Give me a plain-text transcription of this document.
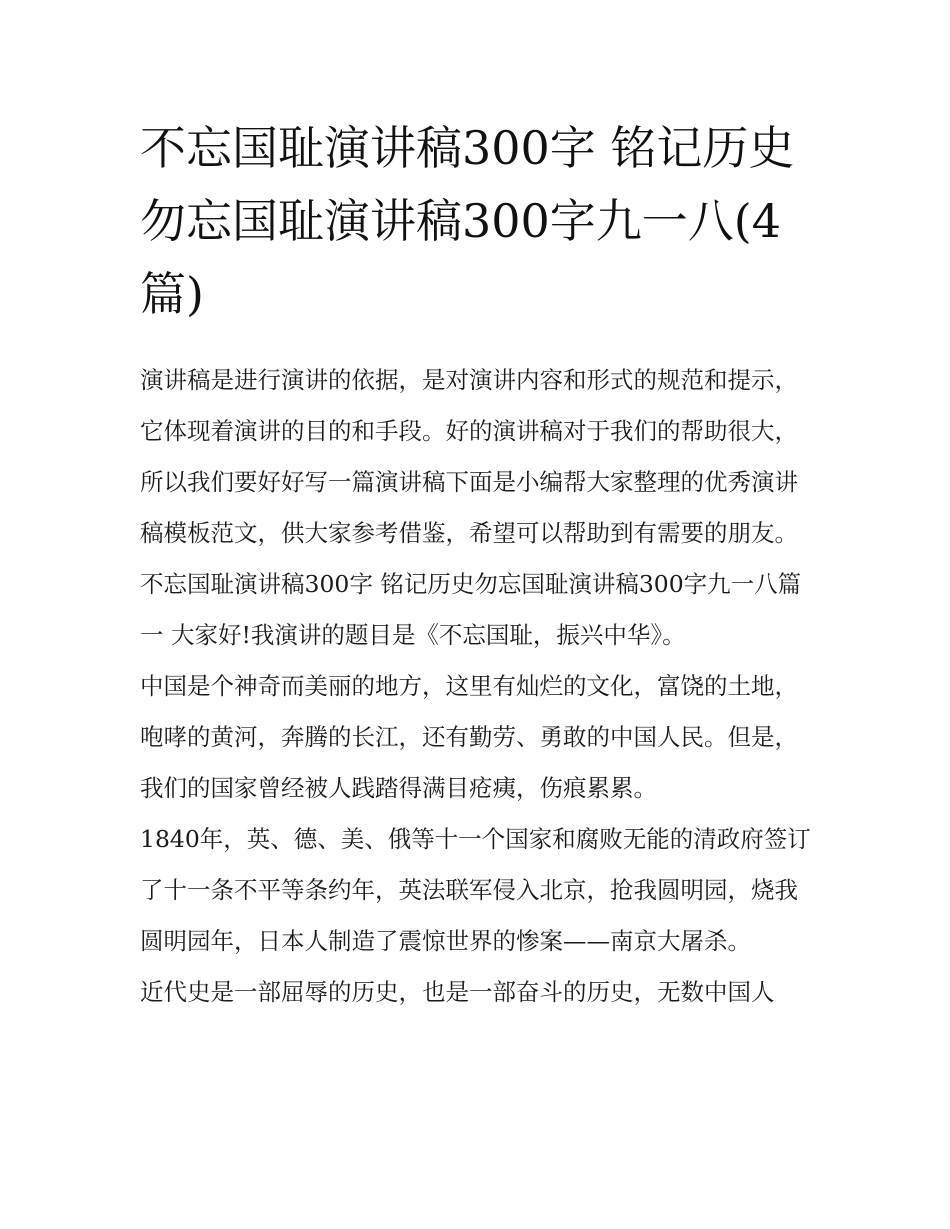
不忘国耻演讲稿300字 铭记历史勿忘国耻演讲稿300字九一八(4篇)

演讲稿是进行演讲的依据，是对演讲内容和形式的规范和提示，它体现着演讲的目的和手段。好的演讲稿对于我们的帮助很大，所以我们要好好写一篇演讲稿下面是小编帮大家整理的优秀演讲稿模板范文，供大家参考借鉴，希望可以帮助到有需要的朋友。

不忘国耻演讲稿300字 铭记历史勿忘国耻演讲稿300字九一八篇一 大家好!我演讲的题目是《不忘国耻，振兴中华》。

中国是个神奇而美丽的地方，这里有灿烂的文化，富饶的土地，咆哮的黄河，奔腾的长江，还有勤劳、勇敢的中国人民。但是，我们的国家曾经被人践踏得满目疮痍，伤痕累累。

1840年，英、德、美、俄等十一个国家和腐败无能的清政府签订了十一条不平等条约年，英法联军侵入北京，抢我圆明园，烧我圆明园年，日本人制造了震惊世界的惨案——南京大屠杀。

近代史是一部屈辱的历史，也是一部奋斗的历史，无数中国人
